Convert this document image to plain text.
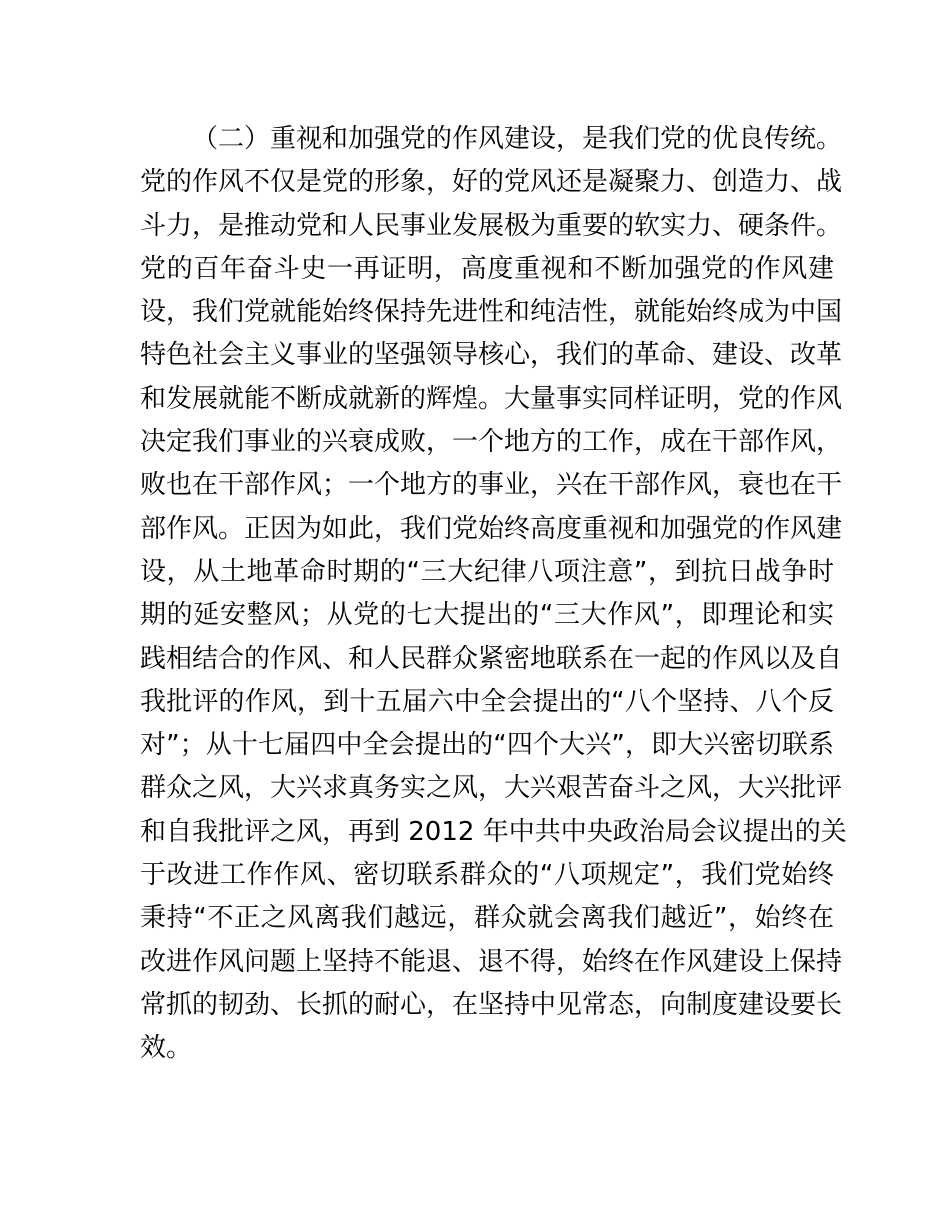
（二）重视和加强党的作风建设，是我们党的优良传统。
党的作风不仅是党的形象，好的党风还是凝聚力、创造力、战
斗力，是推动党和人民事业发展极为重要的软实力、硬条件。
党的百年奋斗史一再证明，高度重视和不断加强党的作风建
设，我们党就能始终保持先进性和纯洁性，就能始终成为中国
特色社会主义事业的坚强领导核心，我们的革命、建设、改革
和发展就能不断成就新的辉煌。大量事实同样证明，党的作风
决定我们事业的兴衰成败，一个地方的工作，成在干部作风，
败也在干部作风；一个地方的事业，兴在干部作风，衰也在干
部作风。正因为如此，我们党始终高度重视和加强党的作风建
设，从土地革命时期的“三大纪律八项注意”，到抗日战争时
期的延安整风；从党的七大提出的“三大作风”，即理论和实
践相结合的作风、和人民群众紧密地联系在一起的作风以及自
我批评的作风，到十五届六中全会提出的“八个坚持、八个反
对”；从十七届四中全会提出的“四个大兴”，即大兴密切联系
群众之风，大兴求真务实之风，大兴艰苦奋斗之风，大兴批评
和自我批评之风，再到 2012 年中共中央政治局会议提出的关
于改进工作作风、密切联系群众的“八项规定”，我们党始终
秉持“不正之风离我们越远，群众就会离我们越近”，始终在
改进作风问题上坚持不能退、退不得，始终在作风建设上保持
常抓的韧劲、长抓的耐心，在坚持中见常态，向制度建设要长
效。
